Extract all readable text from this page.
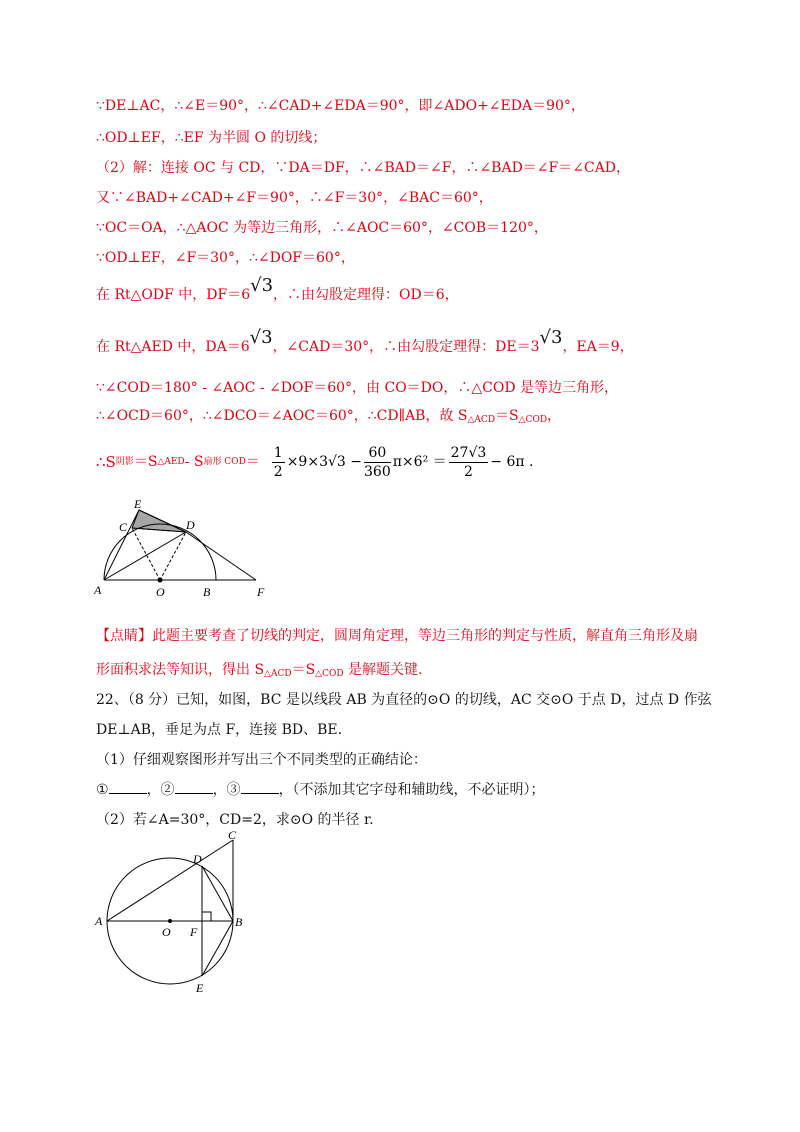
∵DE⊥AC，∴∠E＝90°，∴∠CAD+∠EDA＝90°，即∠ADO+∠EDA＝90°，
∴OD⊥EF，∴EF 为半圆 O 的切线；
（2）解：连接 OC 与 CD，∵DA＝DF，∴∠BAD＝∠F，∴∠BAD＝∠F＝∠CAD，
又∵∠BAD+∠CAD+∠F＝90°，∴∠F＝30°，∠BAC＝60°，
∵OC＝OA，∴△AOC 为等边三角形，∴∠AOC＝60°，∠COB＝120°，
∵OD⊥EF，∠F＝30°，∴∠DOF＝60°，
在 Rt△ODF 中，DF＝6√3，∴由勾股定理得：OD＝6，
在 Rt△AED 中，DA＝6√3，∠CAD＝30°，∴由勾股定理得：DE＝3√3，EA＝9，
∵∠COD＝180° - ∠AOC - ∠DOF＝60°，由 CO＝DO，∴△COD 是等边三角形，
∴∠OCD＝60°，∴∠DCO＝∠AOC＝60°，∴CD∥AB，故 $S_{\triangle ACD}=S_{\triangle COD}$，
∴S 阴影 ＝S △AED - S 扇形 COD ＝ $\frac{1}{2} \times 9\times 3√3 - \frac{60}{360} \pi\times 6^2 = \frac{27√3}{2} - 6\pi$ .
E
C	D
A	O	B	F
【点睛】此题主要考查了切线的判定，圆周角定理，等边三角形的判定与性质，解直角三角形及扇
形面积求法等知识，得出 $S_{\triangle ACD}=S_{\triangle COD}$ 是解题关键.
22、（8 分）已知，如图，BC 是以线段 AB 为直径的⊙O 的切线，AC 交⊙O 于点 D，过点 D 作弦
DE⊥AB，垂足为点 F，连接 BD、BE.
（1）仔细观察图形并写出三个不同类型的正确结论：
①	，②	，③	，（不添加其它字母和辅助线，不必证明）；
（2）若∠A=30°，CD=2，求⊙O 的半径 r.
C
D
A
O F
B
E
